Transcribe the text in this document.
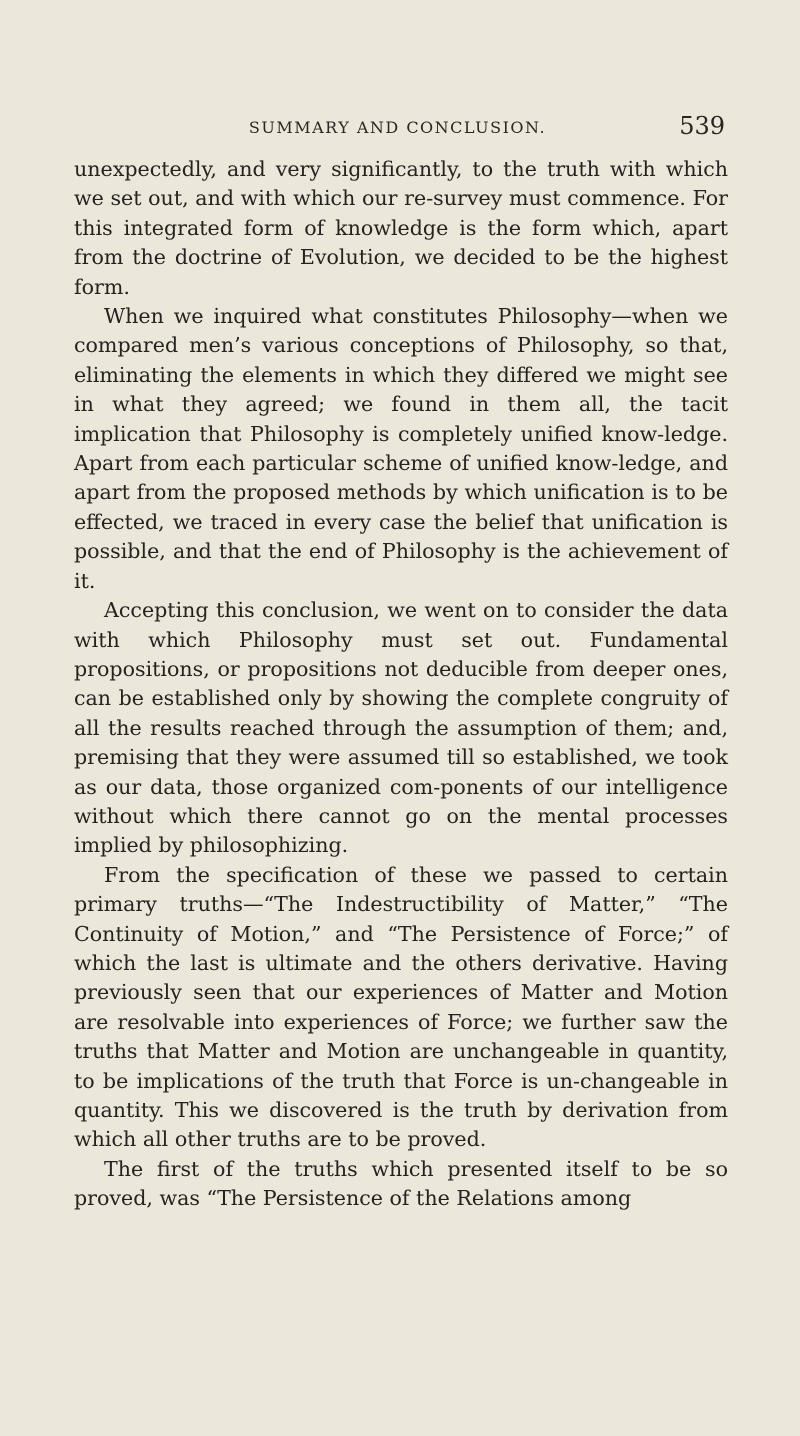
SUMMARY AND CONCLUSION.	539

unexpectedly, and very significantly, to the truth with which we set out, and with which our re-survey must commence. For this integrated form of knowledge is the form which, apart from the doctrine of Evolution, we decided to be the highest form.

When we inquired what constitutes Philosophy—when we compared men’s various conceptions of Philosophy, so that, eliminating the elements in which they differed we might see in what they agreed; we found in them all, the tacit implication that Philosophy is completely unified know-ledge. Apart from each particular scheme of unified know-ledge, and apart from the proposed methods by which unification is to be effected, we traced in every case the belief that unification is possible, and that the end of Philosophy is the achievement of it.

Accepting this conclusion, we went on to consider the data with which Philosophy must set out. Fundamental propositions, or propositions not deducible from deeper ones, can be established only by showing the complete congruity of all the results reached through the assumption of them; and, premising that they were assumed till so established, we took as our data, those organized com-ponents of our intelligence without which there cannot go on the mental processes implied by philosophizing.

From the specification of these we passed to certain primary truths—“The Indestructibility of Matter,” “The Continuity of Motion,” and “The Persistence of Force;” of which the last is ultimate and the others derivative. Having previously seen that our experiences of Matter and Motion are resolvable into experiences of Force; we further saw the truths that Matter and Motion are unchangeable in quantity, to be implications of the truth that Force is un-changeable in quantity. This we discovered is the truth by derivation from which all other truths are to be proved.

The first of the truths which presented itself to be so proved, was “The Persistence of the Relations among
